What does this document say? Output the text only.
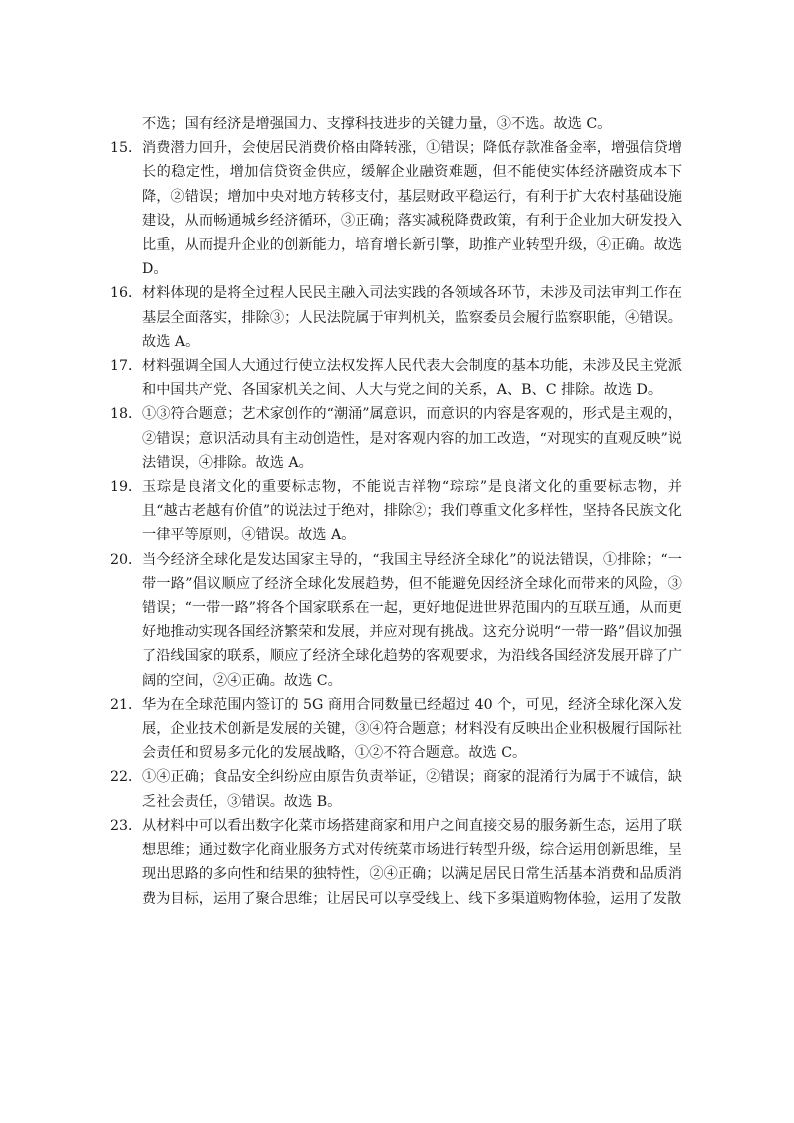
不选；国有经济是增强国力、支撑科技进步的关键力量，③不选。故选 C。
15． 消费潜力回升，会使居民消费价格由降转涨，①错误；降低存款准备金率，增强信贷增长的稳定性，增加信贷资金供应，缓解企业融资难题，但不能使实体经济融资成本下降，②错误；增加中央对地方转移支付，基层财政平稳运行，有利于扩大农村基础设施建设，从而畅通城乡经济循环，③正确；落实减税降费政策，有利于企业加大研发投入比重，从而提升企业的创新能力，培育增长新引擎，助推产业转型升级，④正确。故选 D。
16． 材料体现的是将全过程人民民主融入司法实践的各领域各环节，未涉及司法审判工作在基层全面落实，排除③；人民法院属于审判机关，监察委员会履行监察职能，④错误。故选 A。
17． 材料强调全国人大通过行使立法权发挥人民代表大会制度的基本功能，未涉及民主党派和中国共产党、各国家机关之间、人大与党之间的关系，A、B、C 排除。故选 D。
18． ①③符合题意；艺术家创作的“潮涌”属意识，而意识的内容是客观的，形式是主观的，②错误；意识活动具有主动创造性，是对客观内容的加工改造，“对现实的直观反映”说法错误，④排除。故选 A。
19． 玉琮是良渚文化的重要标志物，不能说吉祥物“琮琮”是良渚文化的重要标志物，并且“越古老越有价值”的说法过于绝对，排除②；我们尊重文化多样性，坚持各民族文化一律平等原则，④错误。故选 A。
20． 当今经济全球化是发达国家主导的，“我国主导经济全球化”的说法错误，①排除；“一带一路”倡议顺应了经济全球化发展趋势，但不能避免因经济全球化而带来的风险，③错误；“一带一路”将各个国家联系在一起，更好地促进世界范围内的互联互通，从而更好地推动实现各国经济繁荣和发展，并应对现有挑战。这充分说明“一带一路”倡议加强了沿线国家的联系，顺应了经济全球化趋势的客观要求，为沿线各国经济发展开辟了广阔的空间，②④正确。故选 C。
21． 华为在全球范围内签订的 5G 商用合同数量已经超过 40 个，可见，经济全球化深入发展，企业技术创新是发展的关键，③④符合题意；材料没有反映出企业积极履行国际社会责任和贸易多元化的发展战略，①②不符合题意。故选 C。
22． ①④正确；食品安全纠纷应由原告负责举证，②错误；商家的混淆行为属于不诚信，缺乏社会责任，③错误。故选 B。
23． 从材料中可以看出数字化菜市场搭建商家和用户之间直接交易的服务新生态，运用了联想思维；通过数字化商业服务方式对传统菜市场进行转型升级，综合运用创新思维，呈现出思路的多向性和结果的独特性，②④正确；以满足居民日常生活基本消费和品质消费为目标，运用了聚合思维；让居民可以享受线上、线下多渠道购物体验，运用了发散
